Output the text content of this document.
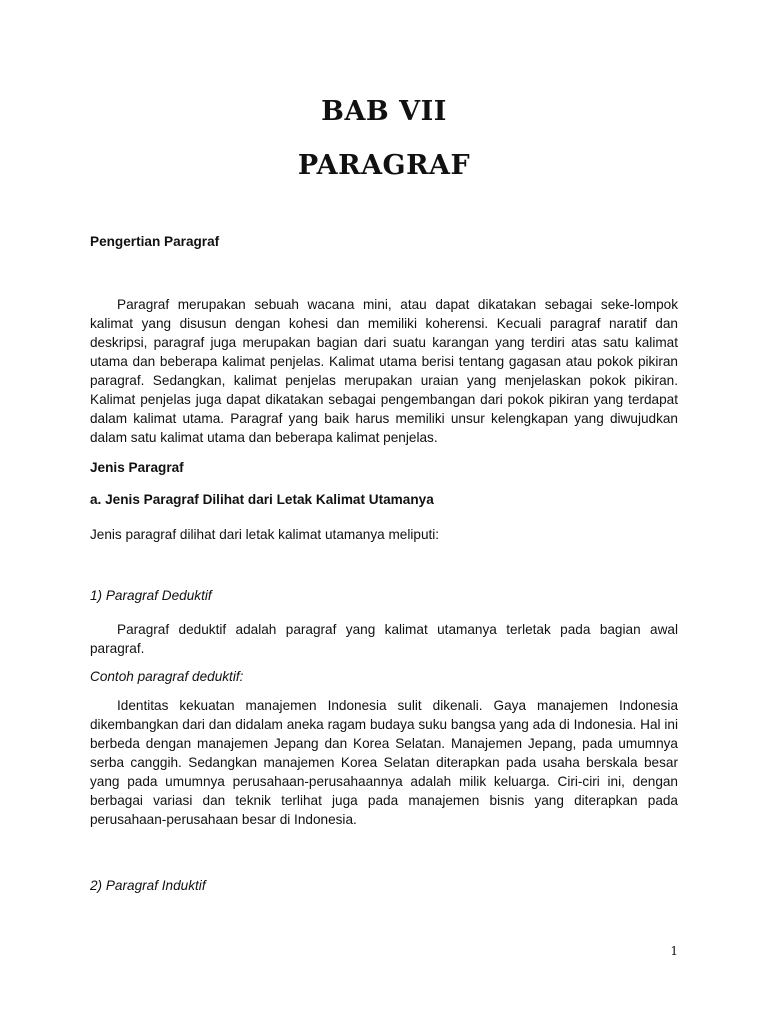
BAB VII
PARAGRAF
Pengertian Paragraf

Paragraf merupakan sebuah wacana mini, atau dapat dikatakan sebagai seke-lompok kalimat yang disusun dengan kohesi dan memiliki koherensi. Kecuali paragraf naratif dan deskripsi, paragraf juga merupakan bagian dari suatu karangan yang terdiri atas satu kalimat utama dan beberapa kalimat penjelas. Kalimat utama berisi tentang gagasan atau pokok pikiran paragraf. Sedangkan, kalimat penjelas merupakan uraian yang menjelaskan pokok pikiran. Kalimat penjelas juga dapat dikatakan sebagai pengembangan dari pokok pikiran yang terdapat dalam kalimat utama. Paragraf yang baik harus memiliki unsur kelengkapan yang diwujudkan dalam satu kalimat utama dan beberapa kalimat penjelas.

Jenis Paragraf
a. Jenis Paragraf Dilihat dari Letak Kalimat Utamanya

Jenis paragraf dilihat dari letak kalimat utamanya meliputi:

1) Paragraf Deduktif

Paragraf deduktif adalah paragraf yang kalimat utamanya terletak pada bagian awal paragraf.

Contoh paragraf deduktif:

Identitas kekuatan manajemen Indonesia sulit dikenali. Gaya manajemen Indonesia dikembangkan dari dan didalam aneka ragam budaya suku bangsa yang ada di Indonesia. Hal ini berbeda dengan manajemen Jepang dan Korea Selatan. Manajemen Jepang, pada umumnya serba canggih. Sedangkan manajemen Korea Selatan diterapkan pada usaha berskala besar yang pada umumnya perusahaan-perusahaannya adalah milik keluarga. Ciri-ciri ini, dengan berbagai variasi dan teknik terlihat juga pada manajemen bisnis yang diterapkan pada perusahaan-perusahaan besar di Indonesia.

2) Paragraf Induktif

1
